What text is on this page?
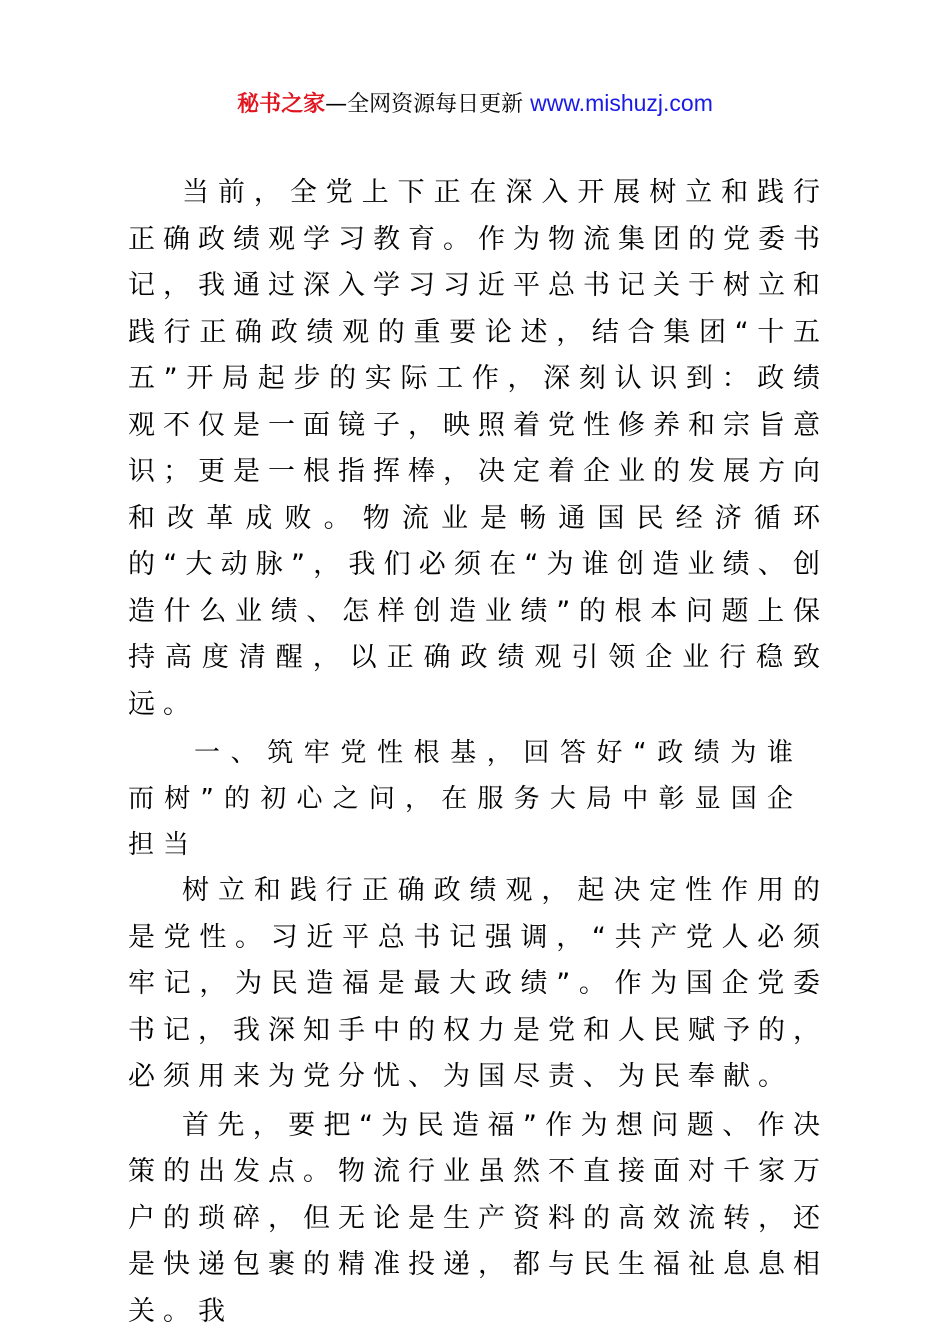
秘书之家—全网资源每日更新 www.mishuzj.com

当前，全党上下正在深入开展树立和践行正确政绩观学习教育。作为物流集团的党委书记，我通过深入学习习近平总书记关于树立和践行正确政绩观的重要论述，结合集团“十五五”开局起步的实际工作，深刻认识到：政绩观不仅是一面镜子，映照着党性修养和宗旨意识；更是一根指挥棒，决定着企业的发展方向和改革成败。物流业是畅通国民经济循环的“大动脉”，我们必须在“为谁创造业绩、创造什么业绩、怎样创造业绩”的根本问题上保持高度清醒，以正确政绩观引领企业行稳致远。

一、筑牢党性根基，回答好“政绩为谁而树”的初心之问，在服务大局中彰显国企担当

树立和践行正确政绩观，起决定性作用的是党性。习近平总书记强调，“共产党人必须牢记，为民造福是最大政绩”。作为国企党委书记，我深知手中的权力是党和人民赋予的，必须用来为党分忧、为国尽责、为民奉献。

首先，要把“为民造福”作为想问题、作决策的出发点。物流行业虽然不直接面对千家万户的琐碎，但无论是生产资料的高效流转，还是快递包裹的精准投递，都与民生福祉息息相关。我
